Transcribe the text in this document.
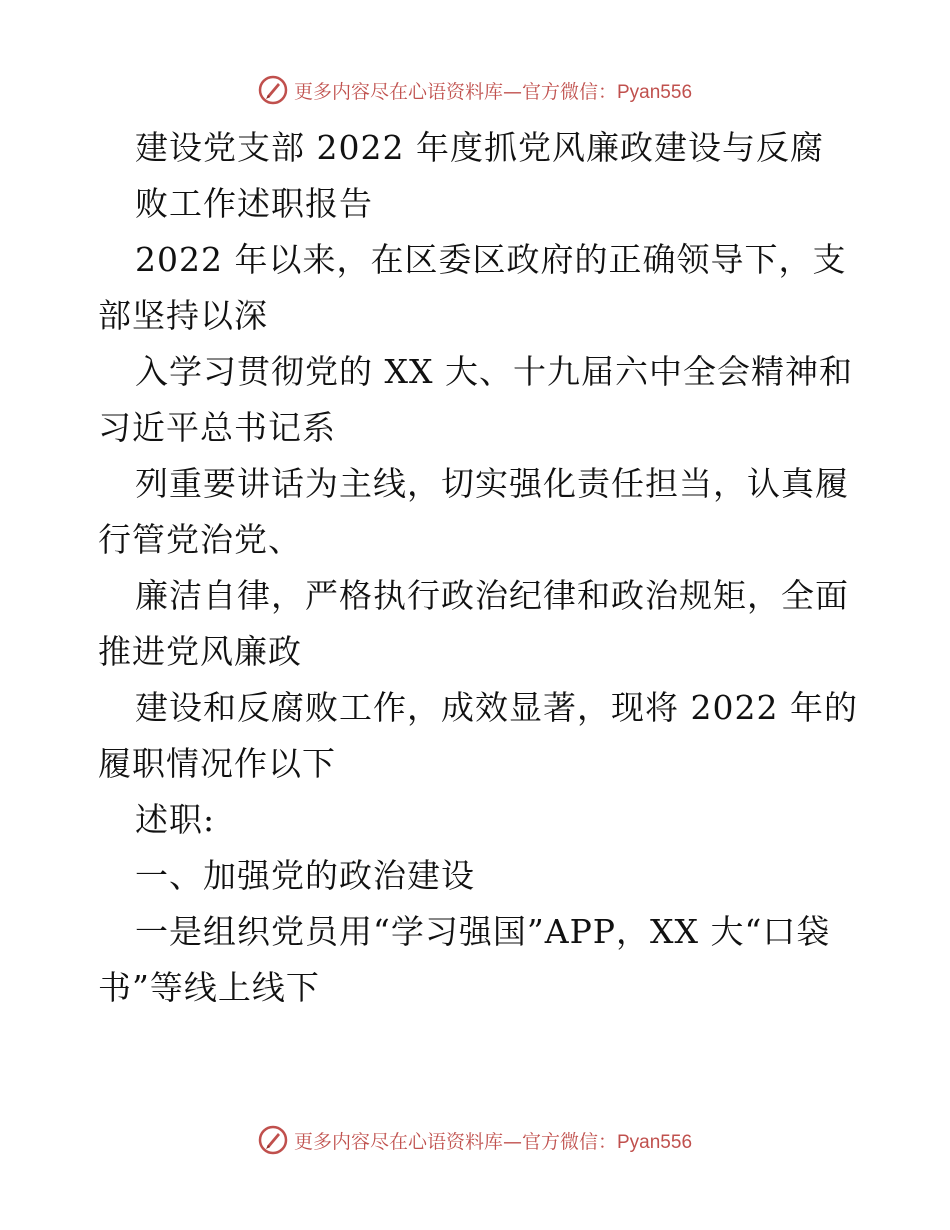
更多内容尽在心语资料库—官方微信：Pyan556
建设党支部 2022 年度抓党风廉政建设与反腐
败工作述职报告
2022 年以来，在区委区政府的正确领导下，支
部坚持以深
入学习贯彻党的 XX 大、十九届六中全会精神和
习近平总书记系
列重要讲话为主线，切实强化责任担当，认真履
行管党治党、
廉洁自律，严格执行政治纪律和政治规矩，全面
推进党风廉政
建设和反腐败工作，成效显著，现将 2022 年的
履职情况作以下
述职:
一、加强党的政治建设
一是组织党员用“学习强国”APP，XX 大“口袋
书”等线上线下
更多内容尽在心语资料库—官方微信：Pyan556
